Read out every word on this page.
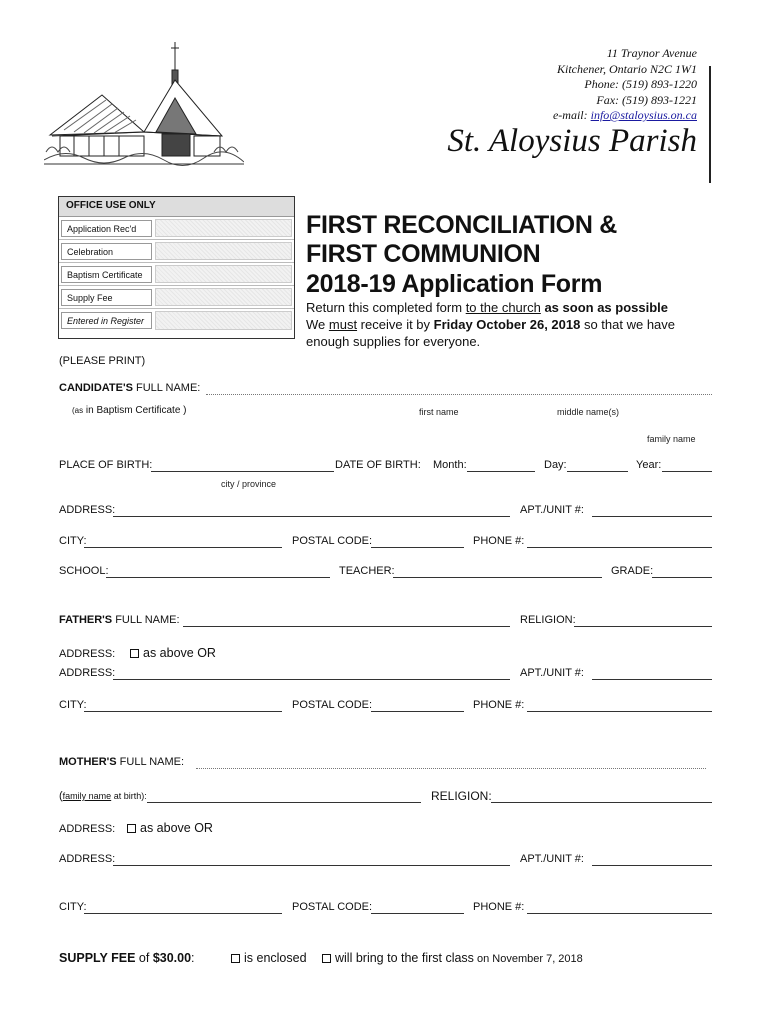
11 Traynor Avenue
Kitchener, Ontario N2C 1W1
Phone: (519) 893-1220
Fax: (519) 893-1221
e-mail: info@staloysius.on.ca
St. Aloysius Parish
OFFICE USE ONLY
Application Rec'd
Celebration
Baptism Certificate
Supply Fee
Entered in Register
FIRST RECONCILIATION &
FIRST COMMUNION
2018-19 Application Form
Return this completed form to the church as soon as possible
We must receive it by Friday October 26, 2018 so that we have
enough supplies for everyone.
(PLEASE PRINT)
CANDIDATE'S FULL NAME:
(as in Baptism Certificate )	first name	middle name(s)
family name
PLACE OF BIRTH:	DATE OF BIRTH: Month:	Day:	Year:
city / province
ADDRESS:	APT./UNIT #:
CITY:	POSTAL CODE:	PHONE #:
SCHOOL:	TEACHER:	GRADE:
FATHER'S FULL NAME:	RELIGION:
ADDRESS:	as above OR
ADDRESS:	APT./UNIT #:
CITY:	POSTAL CODE:	PHONE #:
MOTHER'S FULL NAME:
(family name at birth):	RELIGION:
ADDRESS:	as above OR
ADDRESS:	APT./UNIT #:
CITY:	POSTAL CODE:	PHONE #:
SUPPLY FEE of $30.00:	is enclosed	will bring to the first class on November 7, 2018
